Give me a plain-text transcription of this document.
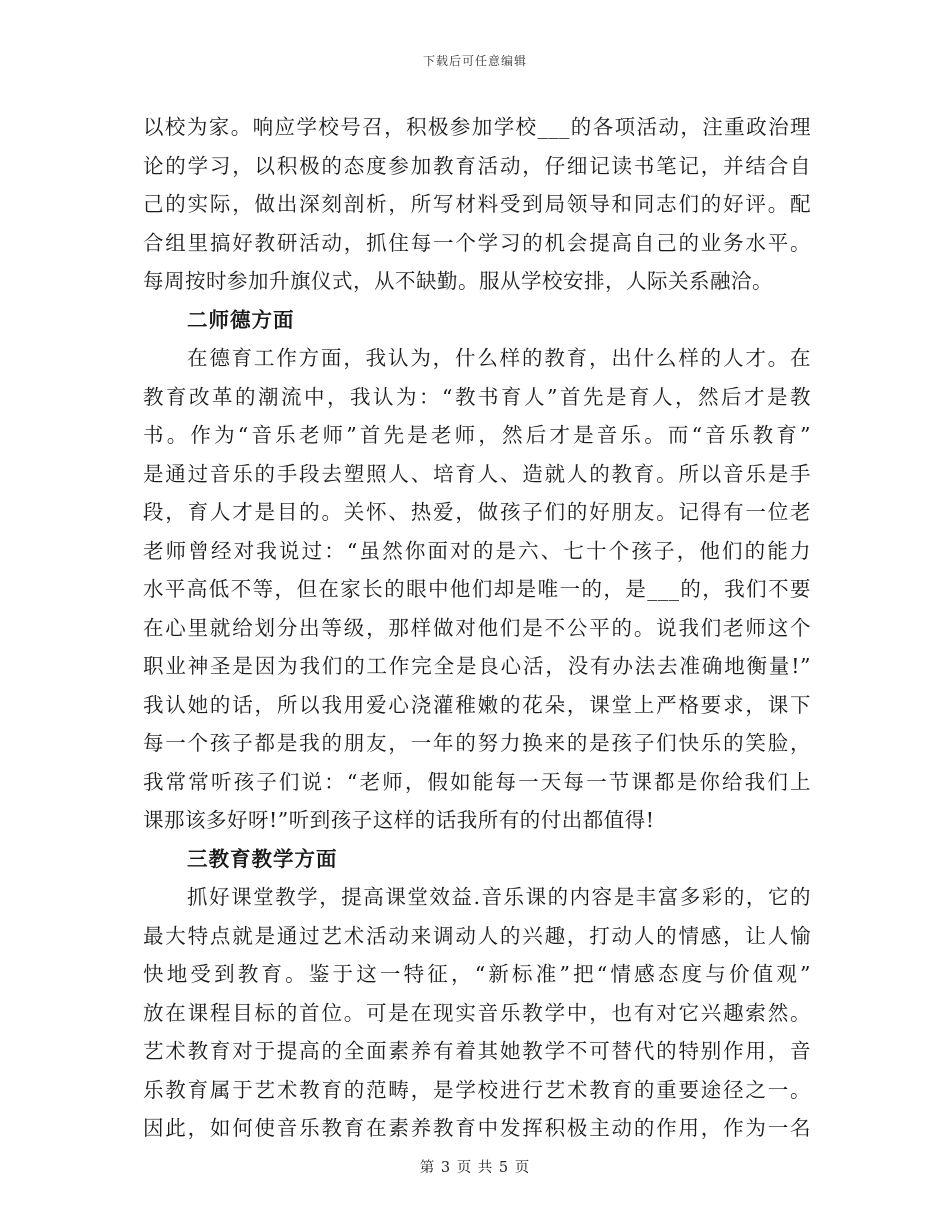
下载后可任意编辑
以校为家。响应学校号召，积极参加学校___的各项活动，注重政治理
论的学习，以积极的态度参加教育活动，仔细记读书笔记，并结合自
己的实际，做出深刻剖析，所写材料受到局领导和同志们的好评。配
合组里搞好教研活动，抓住每一个学习的机会提高自己的业务水平。
每周按时参加升旗仪式，从不缺勤。服从学校安排，人际关系融洽。
二师德方面
在德育工作方面，我认为，什么样的教育，出什么样的人才。在
教育改革的潮流中，我认为：“教书育人”首先是育人，然后才是教
书。作为“音乐老师”首先是老师，然后才是音乐。而“音乐教育”
是通过音乐的手段去塑照人、培育人、造就人的教育。所以音乐是手
段，育人才是目的。关怀、热爱，做孩子们的好朋友。记得有一位老
老师曾经对我说过：“虽然你面对的是六、七十个孩子，他们的能力
水平高低不等，但在家长的眼中他们却是唯一的，是___的，我们不要
在心里就给划分出等级，那样做对他们是不公平的。说我们老师这个
职业神圣是因为我们的工作完全是良心活，没有办法去准确地衡量!”
我认她的话，所以我用爱心浇灌稚嫩的花朵，课堂上严格要求，课下
每一个孩子都是我的朋友，一年的努力换来的是孩子们快乐的笑脸，
我常常听孩子们说：“老师，假如能每一天每一节课都是你给我们上
课那该多好呀!”听到孩子这样的话我所有的付出都值得!
三教育教学方面
抓好课堂教学，提高课堂效益.音乐课的内容是丰富多彩的，它的
最大特点就是通过艺术活动来调动人的兴趣，打动人的情感，让人愉
快地受到教育。鉴于这一特征，“新标准”把“情感态度与价值观”
放在课程目标的首位。可是在现实音乐教学中，也有对它兴趣索然。
艺术教育对于提高的全面素养有着其她教学不可替代的特别作用，音
乐教育属于艺术教育的范畴，是学校进行艺术教育的重要途径之一。
因此，如何使音乐教育在素养教育中发挥积极主动的作用，作为一名
第 3 页 共 5 页
